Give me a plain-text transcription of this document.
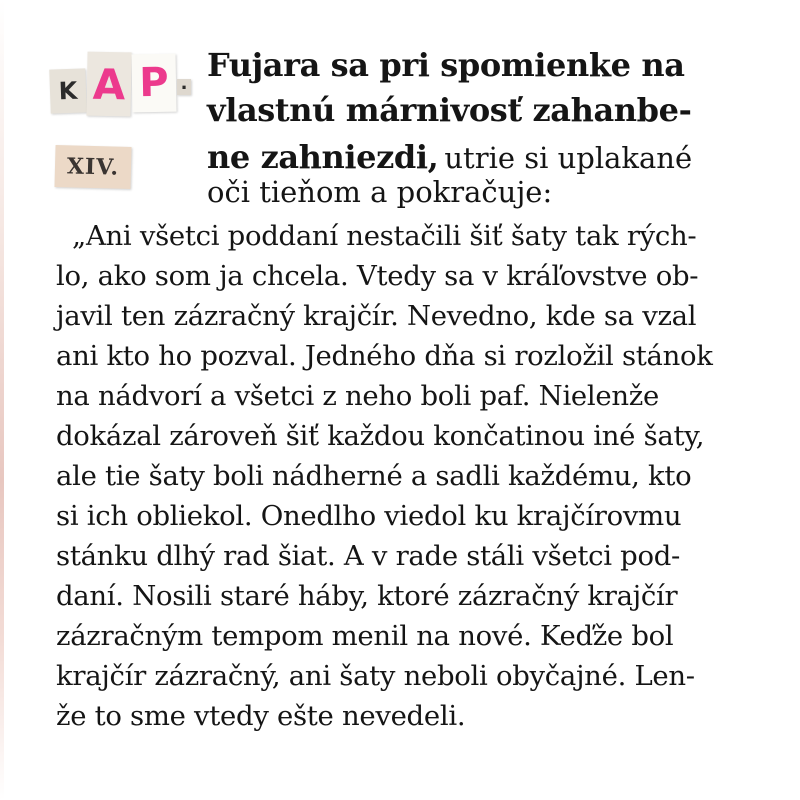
K A P .
XIV.
Fujara sa pri spomienke na
vlastnú márnivosť zahanbe-
ne zahniezdi, utrie si uplakané
oči tieňom a pokračuje:
„Ani všetci poddaní nestačili šiť šaty tak rých-
lo, ako som ja chcela. Vtedy sa v kráľovstve ob-
javil ten zázračný krajčír. Nevedno, kde sa vzal
ani kto ho pozval. Jedného dňa si rozložil stánok
na nádvorí a všetci z neho boli paf. Nielenže
dokázal zároveň šiť každou končatinou iné šaty,
ale tie šaty boli nádherné a sadli každému, kto
si ich obliekol. Onedlho viedol ku krajčírovmu
stánku dlhý rad šiat. A v rade stáli všetci pod-
daní. Nosili staré háby, ktoré zázračný krajčír
zázračným tempom menil na nové. Keďže bol
krajčír zázračný, ani šaty neboli obyčajné. Len-
že to sme vtedy ešte nevedeli.
